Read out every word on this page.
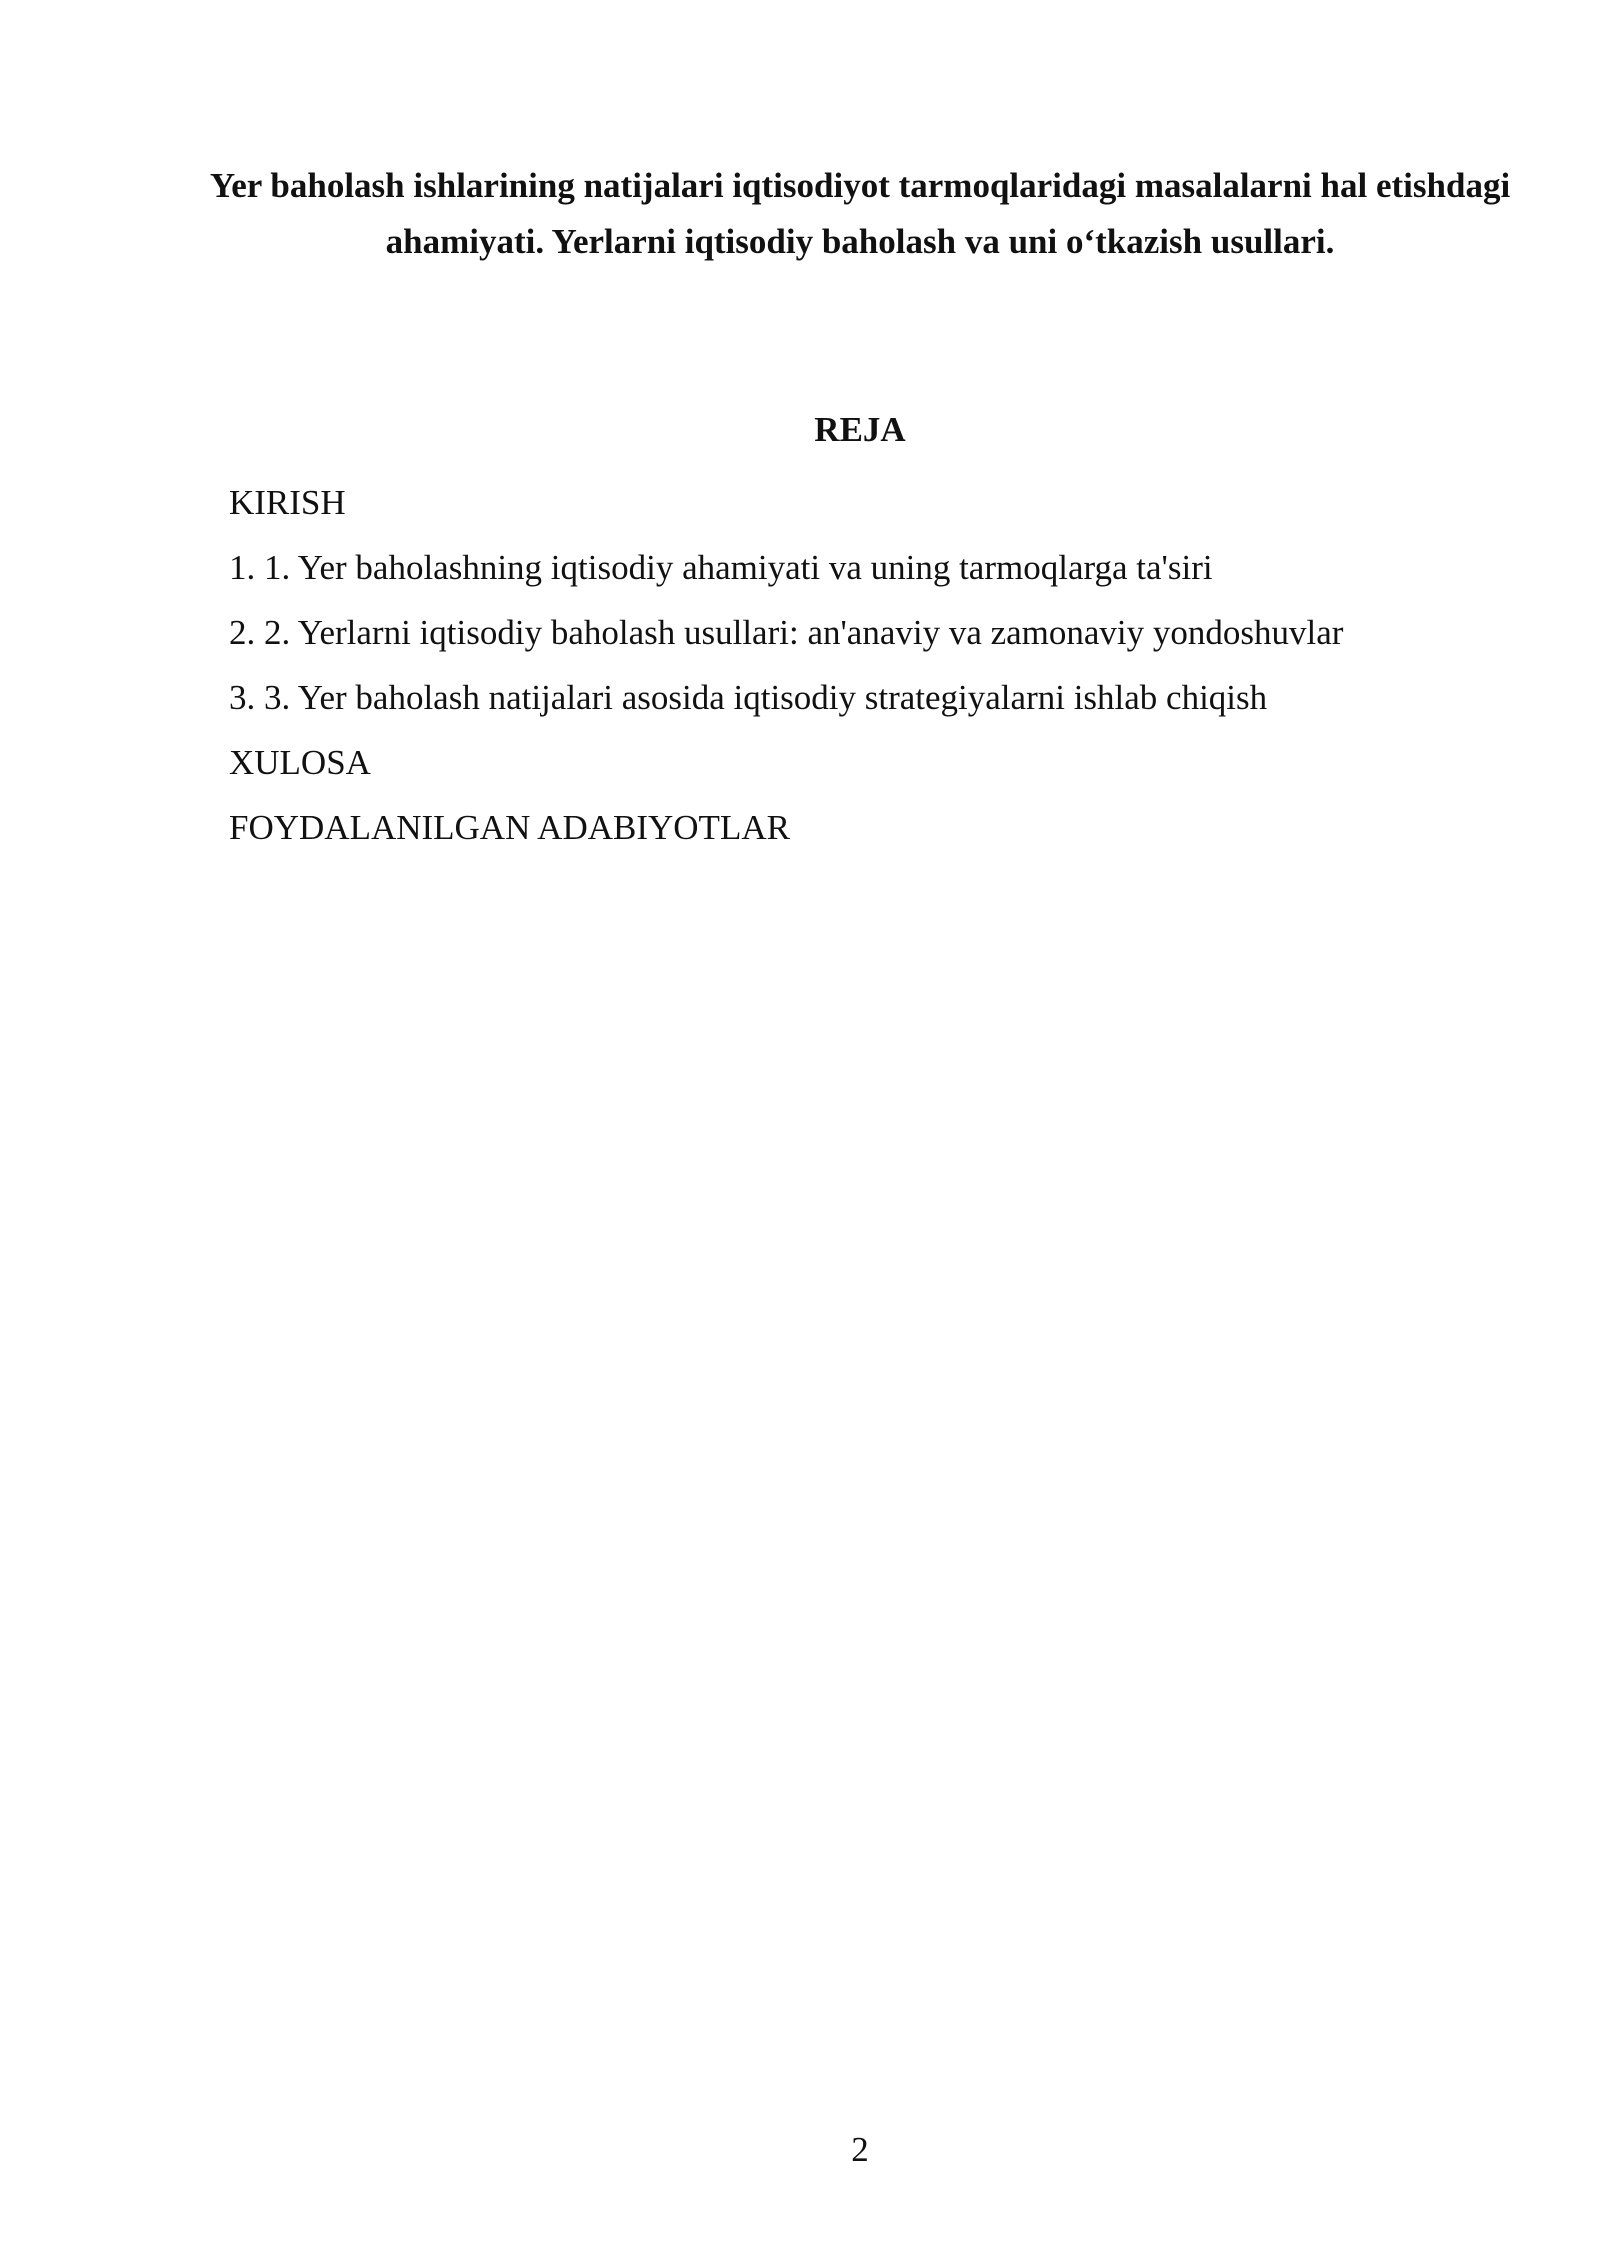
Yer baholash ishlarining natijalari iqtisodiyot tarmoqlaridagi masalalarni hal etishdagi ahamiyati. Yerlarni iqtisodiy baholash va uni o‘tkazish usullari.
REJA
KIRISH
1. 1. Yer baholashning iqtisodiy ahamiyati va uning tarmoqlarga ta'siri
2. 2. Yerlarni iqtisodiy baholash usullari: an'anaviy va zamonaviy yondoshuvlar
3. 3. Yer baholash natijalari asosida iqtisodiy strategiyalarni ishlab chiqish
XULOSA
FOYDALANILGAN ADABIYOTLAR
2
